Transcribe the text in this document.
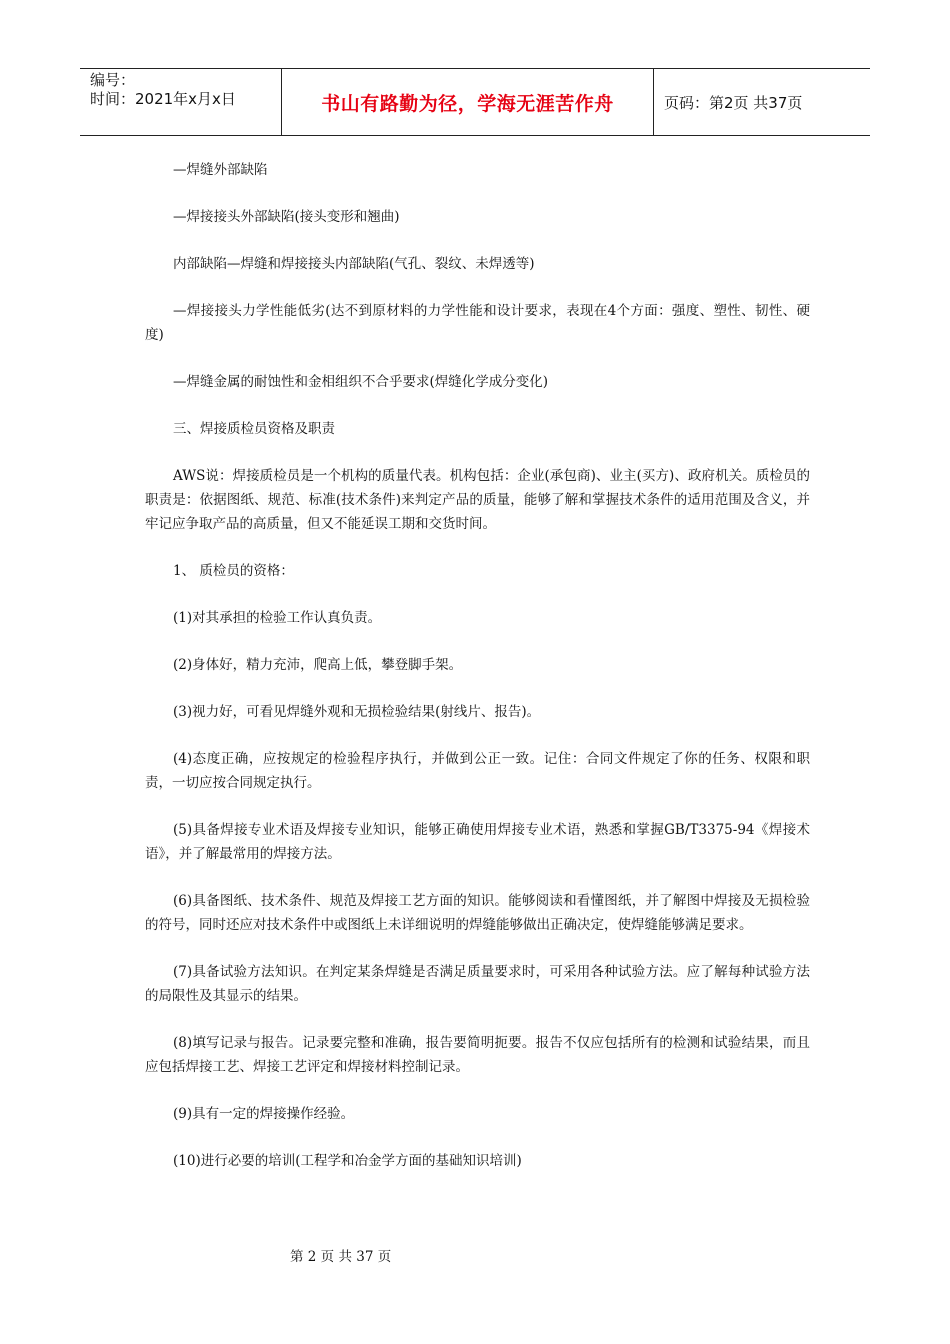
编号：
时间：2021年x月x日	书山有路勤为径，学海无涯苦作舟	页码：第2页 共37页

—焊缝外部缺陷

—焊接接头外部缺陷(接头变形和翘曲)

内部缺陷—焊缝和焊接接头内部缺陷(气孔、裂纹、未焊透等)

—焊接接头力学性能低劣(达不到原材料的力学性能和设计要求，表现在4个方面：强度、塑性、韧性、硬度)

—焊缝金属的耐蚀性和金相组织不合乎要求(焊缝化学成分变化)

三、焊接质检员资格及职责

AWS说：焊接质检员是一个机构的质量代表。机构包括：企业(承包商)、业主(买方)、政府机关。质检员的职责是：依据图纸、规范、标准(技术条件)来判定产品的质量，能够了解和掌握技术条件的适用范围及含义，并牢记应争取产品的高质量，但又不能延误工期和交货时间。

1、 质检员的资格：

(1)对其承担的检验工作认真负责。

(2)身体好，精力充沛，爬高上低，攀登脚手架。

(3)视力好，可看见焊缝外观和无损检验结果(射线片、报告)。

(4)态度正确，应按规定的检验程序执行，并做到公正一致。记住：合同文件规定了你的任务、权限和职责，一切应按合同规定执行。

(5)具备焊接专业术语及焊接专业知识，能够正确使用焊接专业术语，熟悉和掌握GB/T3375-94《焊接术语》，并了解最常用的焊接方法。

(6)具备图纸、技术条件、规范及焊接工艺方面的知识。能够阅读和看懂图纸，并了解图中焊接及无损检验的符号，同时还应对技术条件中或图纸上未详细说明的焊缝能够做出正确决定，使焊缝能够满足要求。

(7)具备试验方法知识。在判定某条焊缝是否满足质量要求时，可采用各种试验方法。应了解每种试验方法的局限性及其显示的结果。

(8)填写记录与报告。记录要完整和准确，报告要简明扼要。报告不仅应包括所有的检测和试验结果，而且应包括焊接工艺、焊接工艺评定和焊接材料控制记录。

(9)具有一定的焊接操作经验。

(10)进行必要的培训(工程学和冶金学方面的基础知识培训)

第 2 页 共 37 页
